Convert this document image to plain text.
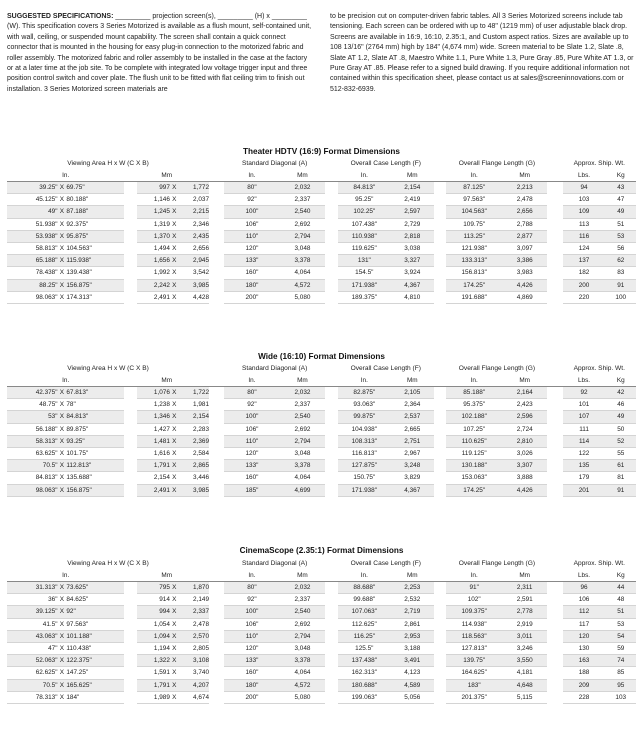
SUGGESTED SPECIFICATIONS: _________ projection screen(s), _________ (H) x _________ (W). This specification covers 3 Series Motorized is available as a flush mount, self-contained unit, with wall, ceiling, or suspended mount capability. The screen shall contain a quick connect connector that is mounted in the housing for easy plug-in connection to the motorized fabric and roller assembly. The motorized fabric and roller assembly to be installed in the case at the factory or at a later time at the job site. To be complete with integrated low voltage trigger input and three position control switch and cover plate. The flush unit to be fitted with flat ceiling trim to finish out installation. 3 Series Motorized screen materials are
to be precision cut on computer-driven fabric tables. All 3 Series Motorized screens include tab tensioning. Each screen can be ordered with up to 48" (1219 mm) of user adjustable black drop. Screens are available in 16:9, 16:10, 2.35:1, and Custom aspect ratios. Sizes are available up to 108 13/16" (2764 mm) high by 184" (4,674 mm) wide. Screen material to be Slate 1.2, Slate .8, Slate AT 1.2, Slate AT .8, Maestro White 1.1, Pure White 1.3, Pure Gray .85, Pure White AT 1.3, or Pure Gray AT .85. Please refer to a signed build drawing. If you require additional information not contained within this specification sheet, please contact us at sales@screeninnovations.com or 512-832-6939.
Theater HDTV (16:9) Format Dimensions
Viewing Area H x W (C X B)								Standard Diagonal (A)			Overall Case Length (F)			Overall Flange Length (G)			Approx. Ship. Wt.	
In.			Mm					In.	Mm		In.	Mm		In.	Mm		Lbs.	Kg
39.25"	X	69.75"		997	X	1,772		80"	2,032		84.813"	2,154		87.125"	2,213		94	43
45.125"	X	80.188"		1,146	X	2,037		92"	2,337		95.25"	2,419		97.563"	2,478		103	47
49"	X	87.188"		1,245	X	2,215		100"	2,540		102.25"	2,597		104.563"	2,656		109	49
51.938"	X	92.375"		1,319	X	2,346		106"	2,692		107.438"	2,729		109.75"	2,788		113	51
53.938"	X	95.875"		1,370	X	2,435		110"	2,794		110.938"	2,818		113.25"	2,877		116	53
58.813"	X	104.563"		1,494	X	2,656		120"	3,048		119.625"	3,038		121.938"	3,097		124	56
65.188"	X	115.938"		1,656	X	2,945		133"	3,378		131"	3,327		133.313"	3,386		137	62
78.438"	X	139.438"		1,992	X	3,542		160"	4,064		154.5"	3,924		156.813"	3,983		182	83
88.25"	X	156.875"		2,242	X	3,985		180"	4,572		171.938"	4,367		174.25"	4,426		200	91
98.063"	X	174.313"		2,491	X	4,428		200"	5,080		189.375"	4,810		191.688"	4,869		220	100
Wide (16:10) Format Dimensions
Viewing Area H x W (C X B)								Standard Diagonal (A)			Overall Case Length (F)			Overall Flange Length (G)			Approx. Ship. Wt.	
In.			Mm					In.	Mm		In.	Mm		In.	Mm		Lbs.	Kg
42.375"	X	67.813"		1,076	X	1,722		80"	2,032		82.875"	2,105		85.188"	2,164		92	42
48.75"	X	78"		1,238	X	1,981		92"	2,337		93.063"	2,364		95.375"	2,423		101	46
53"	X	84.813"		1,346	X	2,154		100"	2,540		99.875"	2,537		102.188"	2,596		107	49
56.188"	X	89.875"		1,427	X	2,283		106"	2,692		104.938"	2,665		107.25"	2,724		111	50
58.313"	X	93.25"		1,481	X	2,369		110"	2,794		108.313"	2,751		110.625"	2,810		114	52
63.625"	X	101.75"		1,616	X	2,584		120"	3,048		116.813"	2,967		119.125"	3,026		122	55
70.5"	X	112.813"		1,791	X	2,865		133"	3,378		127.875"	3,248		130.188"	3,307		135	61
84.813"	X	135.688"		2,154	X	3,446		160"	4,064		150.75"	3,829		153.063"	3,888		179	81
98.063"	X	156.875"		2,491	X	3,985		185"	4,699		171.938"	4,367		174.25"	4,426		201	91
CinemaScope (2.35:1) Format Dimensions
Viewing Area H x W (C X B)								Standard Diagonal (A)			Overall Case Length (F)			Overall Flange Length (G)			Approx. Ship. Wt.	
In.			Mm					In.	Mm		In.	Mm		In.	Mm		Lbs.	Kg
31.313"	X	73.625"		795	X	1,870		80"	2,032		88.688"	2,253		91"	2,311		96	44
36"	X	84.625"		914	X	2,149		92"	2,337		99.688"	2,532		102"	2,591		106	48
39.125"	X	92"		994	X	2,337		100"	2,540		107.063"	2,719		109.375"	2,778		112	51
41.5"	X	97.563"		1,054	X	2,478		106"	2,692		112.625"	2,861		114.938"	2,919		117	53
43.063"	X	101.188"		1,094	X	2,570		110"	2,794		116.25"	2,953		118.563"	3,011		120	54
47"	X	110.438"		1,194	X	2,805		120"	3,048		125.5"	3,188		127.813"	3,246		130	59
52.063"	X	122.375"		1,322	X	3,108		133"	3,378		137.438"	3,491		139.75"	3,550		163	74
62.625"	X	147.25"		1,591	X	3,740		160"	4,064		162.313"	4,123		164.625"	4,181		188	85
70.5"	X	165.625"		1,791	X	4,207		180"	4,572		180.688"	4,589		183"	4,648		209	95
78.313"	X	184"		1,989	X	4,674		200"	5,080		199.063"	5,056		201.375"	5,115		228	103
